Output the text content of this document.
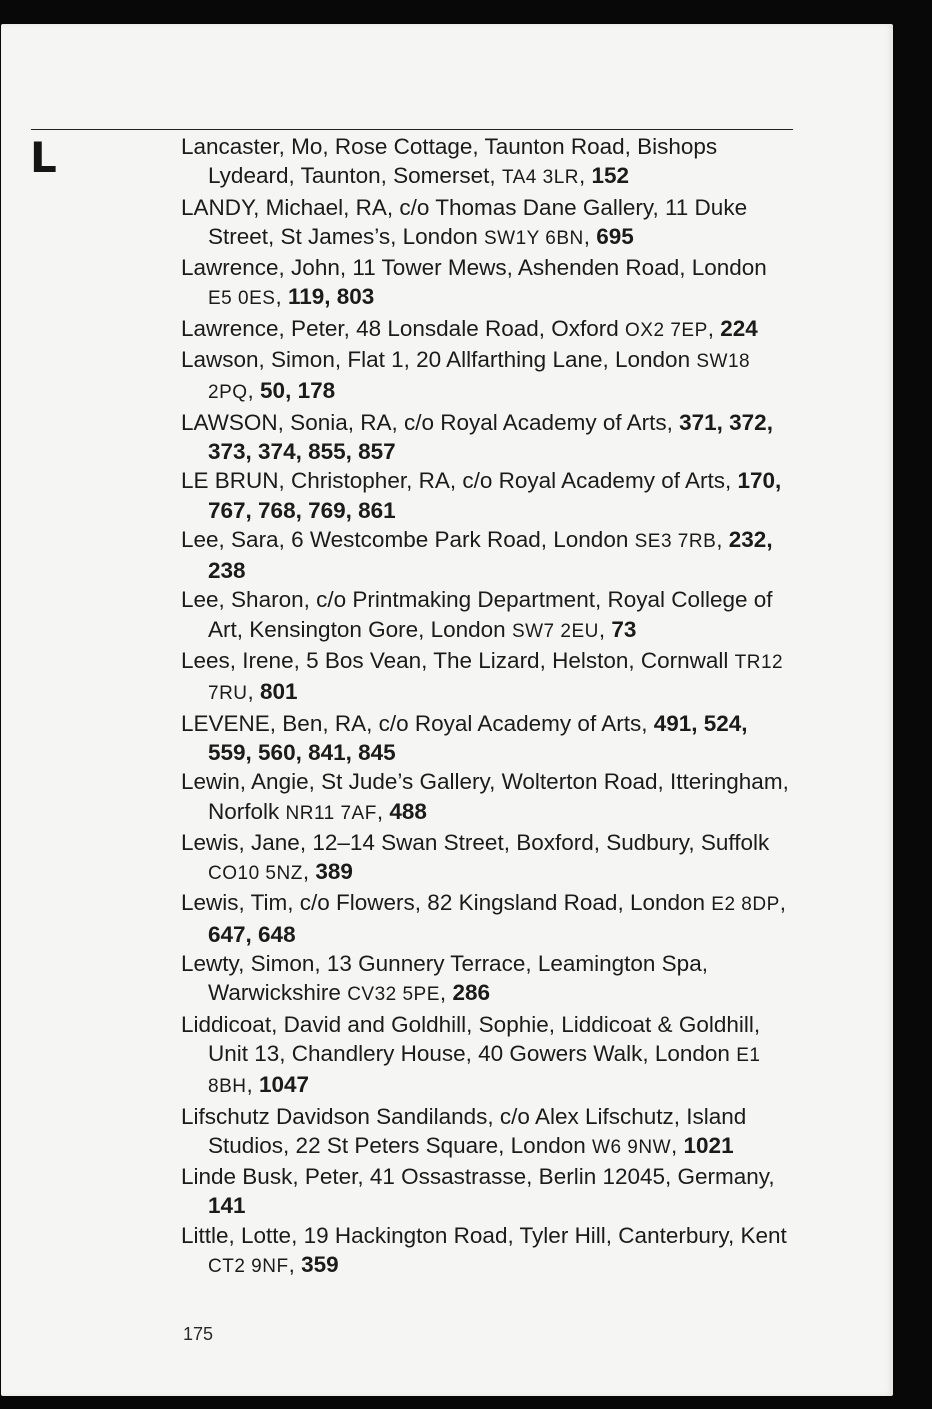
L	Lancaster, Mo, Rose Cottage, Taunton Road, Bishops Lydeard, Taunton, Somerset, TA4 3LR, 152
LANDY, Michael, RA, c/o Thomas Dane Gallery, 11 Duke Street, St James’s, London SW1Y 6BN, 695
Lawrence, John, 11 Tower Mews, Ashenden Road, London E5 0ES, 119, 803
Lawrence, Peter, 48 Lonsdale Road, Oxford OX2 7EP, 224
Lawson, Simon, Flat 1, 20 Allfarthing Lane, London SW18 2PQ, 50, 178
LAWSON, Sonia, RA, c/o Royal Academy of Arts, 371, 372, 373, 374, 855, 857
LE BRUN, Christopher, RA, c/o Royal Academy of Arts, 170, 767, 768, 769, 861
Lee, Sara, 6 Westcombe Park Road, London SE3 7RB, 232, 238
Lee, Sharon, c/o Printmaking Department, Royal College of Art, Kensington Gore, London SW7 2EU, 73
Lees, Irene, 5 Bos Vean, The Lizard, Helston, Cornwall TR12 7RU, 801
LEVENE, Ben, RA, c/o Royal Academy of Arts, 491, 524, 559, 560, 841, 845
Lewin, Angie, St Jude’s Gallery, Wolterton Road, Itteringham, Norfolk NR11 7AF, 488
Lewis, Jane, 12–14 Swan Street, Boxford, Sudbury, Suffolk CO10 5NZ, 389
Lewis, Tim, c/o Flowers, 82 Kingsland Road, London E2 8DP, 647, 648
Lewty, Simon, 13 Gunnery Terrace, Leamington Spa, Warwickshire CV32 5PE, 286
Liddicoat, David and Goldhill, Sophie, Liddicoat & Goldhill, Unit 13, Chandlery House, 40 Gowers Walk, London E1 8BH, 1047
Lifschutz Davidson Sandilands, c/o Alex Lifschutz, Island Studios, 22 St Peters Square, London W6 9NW, 1021
Linde Busk, Peter, 41 Ossastrasse, Berlin 12045, Germany, 141
Little, Lotte, 19 Hackington Road, Tyler Hill, Canterbury, Kent CT2 9NF, 359
175
